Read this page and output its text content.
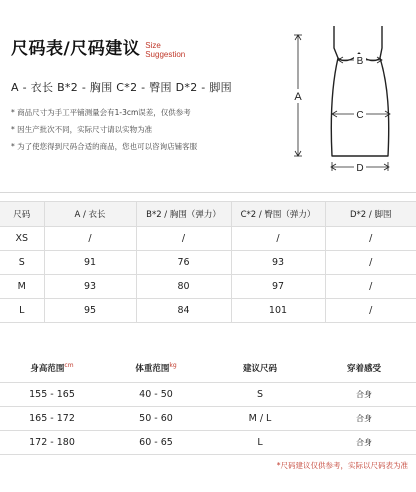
尺码表/尺码建议 Size
Suggestion
A - 衣长 B*2 - 胸围 C*2 - 臀围 D*2 - 脚围
* 商品尺寸为手工平铺测量会有1-3cm误差，仅供参考
* 因生产批次不同，实际尺寸请以实物为准
* 为了使您得到尺码合适的商品，您也可以咨询店铺客服
A
B
C
D
尺码	A / 衣长	B*2 / 胸围（弹力）	C*2 / 臀围（弹力）	D*2 / 脚围
XS	/	/	/	/
S	91	76	93	/
M	93	80	97	/
L	95	84	101	/
身高范围$^{cm}$	体重范围$^{kg}$	建议尺码	穿着感受
155 - 165	40 - 50	S	合身
165 - 172	50 - 60	M / L	合身
172 - 180	60 - 65	L	合身
*尺码建议仅供参考，实际以尺码表为准
